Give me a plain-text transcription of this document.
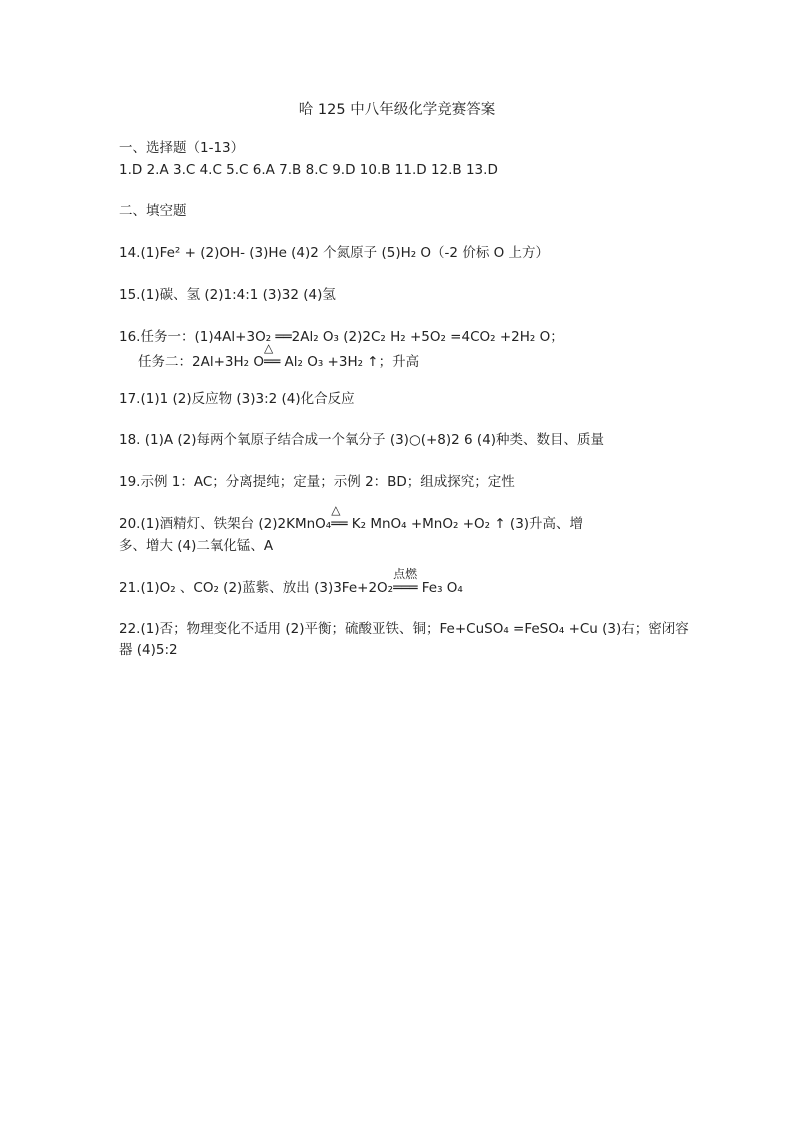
哈 125 中八年级化学竞赛答案
一、选择题（1-13）
1.D 2.A 3.C 4.C 5.C 6.A 7.B 8.C 9.D 10.B 11.D 12.B 13.D
二、填空题
14.(1)Fe² + (2)OH- (3)He (4)2 个氮原子 (5)H₂ O（-2 价标 O 上方）
15.(1)碳、氢 (2)1:4:1 (3)32 (4)氢
16.任务一：(1)4Al+3O₂ ══2Al₂ O₃ (2)2C₂ H₂ +5O₂ =4CO₂ +2H₂ O；
任务二：2Al+3H₂ O
△
══ Al₂ O₃ +3H₂ ↑；升高
17.(1)1 (2)反应物 (3)3:2 (4)化合反应
18. (1)A (2)每两个氧原子结合成一个氧分子 (3)○(+8)2 6 (4)种类、数目、质量
19.示例 1：AC；分离提纯；定量；示例 2：BD；组成探究；定性
20.(1)酒精灯、铁架台 (2)2KMnO₄
△
══ K₂ MnO₄ +MnO₂ +O₂ ↑ (3)升高、增
多、增大 (4)二氧化锰、A
21.(1)O₂ 、CO₂ (2)蓝紫、放出 (3)3Fe+2O₂
点燃
═══ Fe₃ O₄
22.(1)否；物理变化不适用 (2)平衡；硫酸亚铁、铜；Fe+CuSO₄ =FeSO₄ +Cu (3)右；密闭容
器 (4)5:2
